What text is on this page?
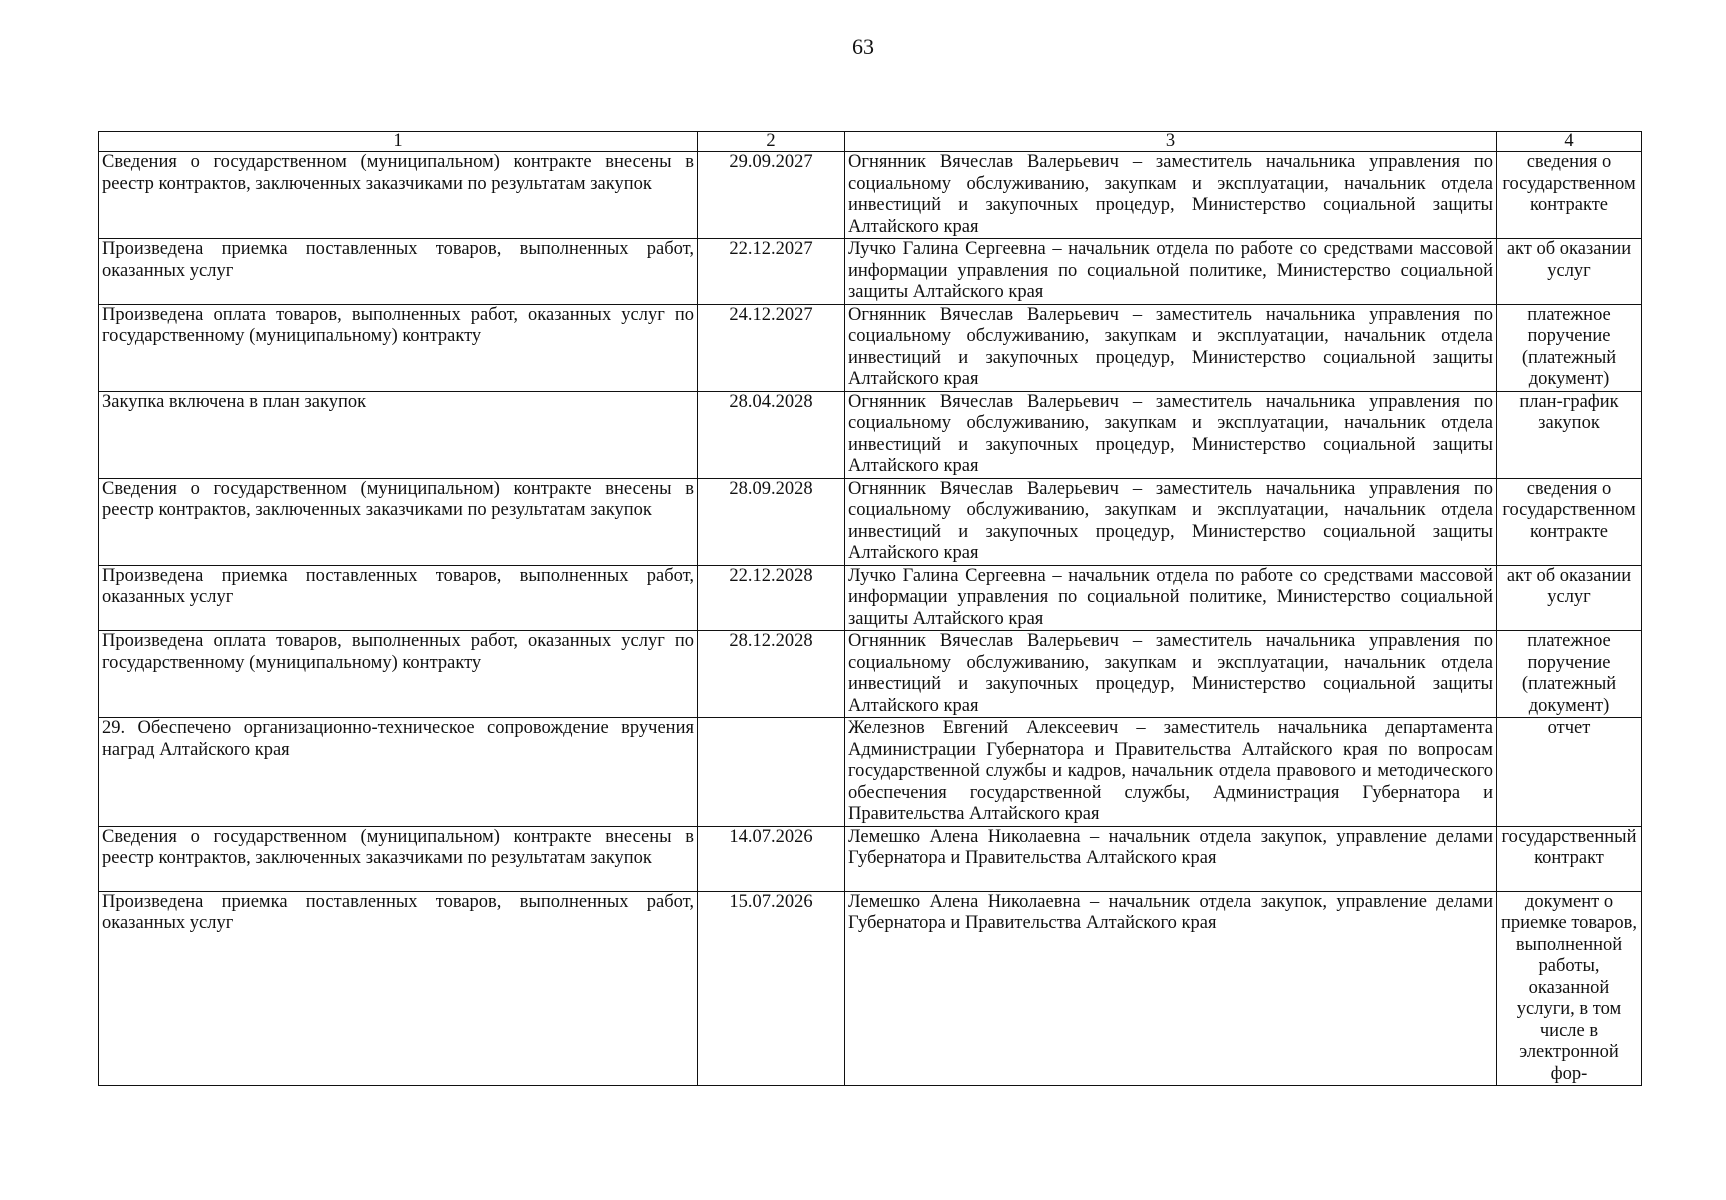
63
1	2	3	4
Сведения о государственном (муниципальном) контракте внесены в реестр контрактов, заключенных заказчиками по результатам закупок	29.09.2027	Огнянник Вячеслав Валерьевич – заместитель начальника управления по социальному обслуживанию, закупкам и эксплуатации, начальник отдела инвестиций и закупочных процедур, Министерство социальной защиты Алтайского края	сведения о государственном контракте
Произведена приемка поставленных товаров, выполненных работ, оказанных услуг	22.12.2027	Лучко Галина Сергеевна – начальник отдела по работе со средствами массовой информации управления по социальной политике, Министерство социальной защиты Алтайского края	акт об оказании услуг
Произведена оплата товаров, выполненных работ, оказанных услуг по государственному (муниципальному) контракту	24.12.2027	Огнянник Вячеслав Валерьевич – заместитель начальника управления по социальному обслуживанию, закупкам и эксплуатации, начальник отдела инвестиций и закупочных процедур, Министерство социальной защиты Алтайского края	платежное поручение (платежный документ)
Закупка включена в план закупок	28.04.2028	Огнянник Вячеслав Валерьевич – заместитель начальника управления по социальному обслуживанию, закупкам и эксплуатации, начальник отдела инвестиций и закупочных процедур, Министерство социальной защиты Алтайского края	план-график закупок
Сведения о государственном (муниципальном) контракте внесены в реестр контрактов, заключенных заказчиками по результатам закупок	28.09.2028	Огнянник Вячеслав Валерьевич – заместитель начальника управления по социальному обслуживанию, закупкам и эксплуатации, начальник отдела инвестиций и закупочных процедур, Министерство социальной защиты Алтайского края	сведения о государственном контракте
Произведена приемка поставленных товаров, выполненных работ, оказанных услуг	22.12.2028	Лучко Галина Сергеевна – начальник отдела по работе со средствами массовой информации управления по социальной политике, Министерство социальной защиты Алтайского края	акт об оказании услуг
Произведена оплата товаров, выполненных работ, оказанных услуг по государственному (муниципальному) контракту	28.12.2028	Огнянник Вячеслав Валерьевич – заместитель начальника управления по социальному обслуживанию, закупкам и эксплуатации, начальник отдела инвестиций и закупочных процедур, Министерство социальной защиты Алтайского края	платежное поручение (платежный документ)
29. Обеспечено организационно-техническое сопровождение вручения наград Алтайского края		Железнов Евгений Алексеевич – заместитель начальника департамента Администрации Губернатора и Правительства Алтайского края по вопросам государственной службы и кадров, начальник отдела правового и методического обеспечения государственной службы, Администрация Губернатора и Правительства Алтайского края	отчет
Сведения о государственном (муниципальном) контракте внесены в реестр контрактов, заключенных заказчиками по результатам закупок	14.07.2026	Лемешко Алена Николаевна – начальник отдела закупок, управление делами Губернатора и Правительства Алтайского края	государственный контракт
Произведена приемка поставленных товаров, выполненных работ, оказанных услуг	15.07.2026	Лемешко Алена Николаевна – начальник отдела закупок, управление делами Губернатора и Правительства Алтайского края	документ о приемке товаров, выполненной работы, оказанной услуги, в том числе в электронной фор-
